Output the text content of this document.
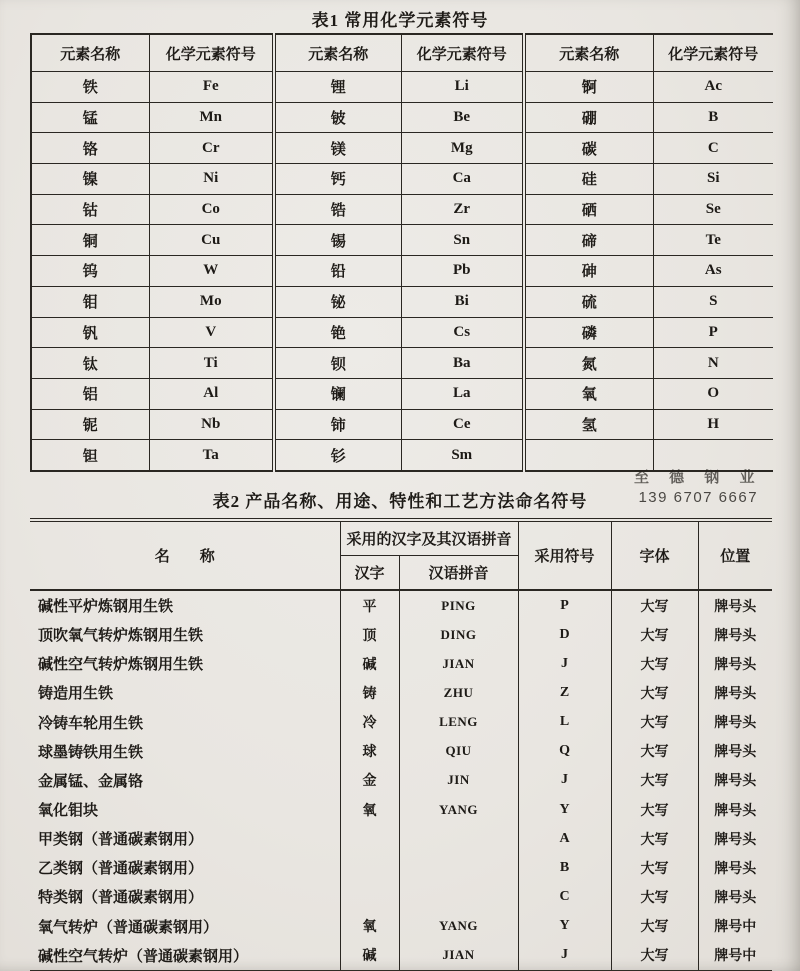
表1 常用化学元素符号
元素名称	化学元素符号	元素名称	化学元素符号	元素名称	化学元素符号
铁	Fe	锂	Li	锕	Ac
锰	Mn	铍	Be	硼	B
铬	Cr	镁	Mg	碳	C
镍	Ni	钙	Ca	硅	Si
钴	Co	锆	Zr	硒	Se
铜	Cu	锡	Sn	碲	Te
钨	W	铅	Pb	砷	As
钼	Mo	铋	Bi	硫	S
钒	V	铯	Cs	磷	P
钛	Ti	钡	Ba	氮	N
铝	Al	镧	La	氧	O
铌	Nb	铈	Ce	氢	H
钽	Ta	钐	Sm		
至 德 钢 业
139 6707 6667
表2 产品名称、用途、特性和工艺方法命名符号
名　　称	采用的汉字及其汉语拼音		采用符号	字体	位置
	汉字	汉语拼音			
碱性平炉炼钢用生铁	平	PING	P	大写	牌号头
顶吹氧气转炉炼钢用生铁	顶	DING	D	大写	牌号头
碱性空气转炉炼钢用生铁	碱	JIAN	J	大写	牌号头
铸造用生铁	铸	ZHU	Z	大写	牌号头
冷铸车轮用生铁	冷	LENG	L	大写	牌号头
球墨铸铁用生铁	球	QIU	Q	大写	牌号头
金属锰、金属铬	金	JIN	J	大写	牌号头
氧化钼块	氧	YANG	Y	大写	牌号头
甲类钢（普通碳素钢用）			A	大写	牌号头
乙类钢（普通碳素钢用）			B	大写	牌号头
特类钢（普通碳素钢用）			C	大写	牌号头
氧气转炉（普通碳素钢用）	氧	YANG	Y	大写	牌号中
碱性空气转炉（普通碳素钢用）	碱	JIAN	J	大写	牌号中
